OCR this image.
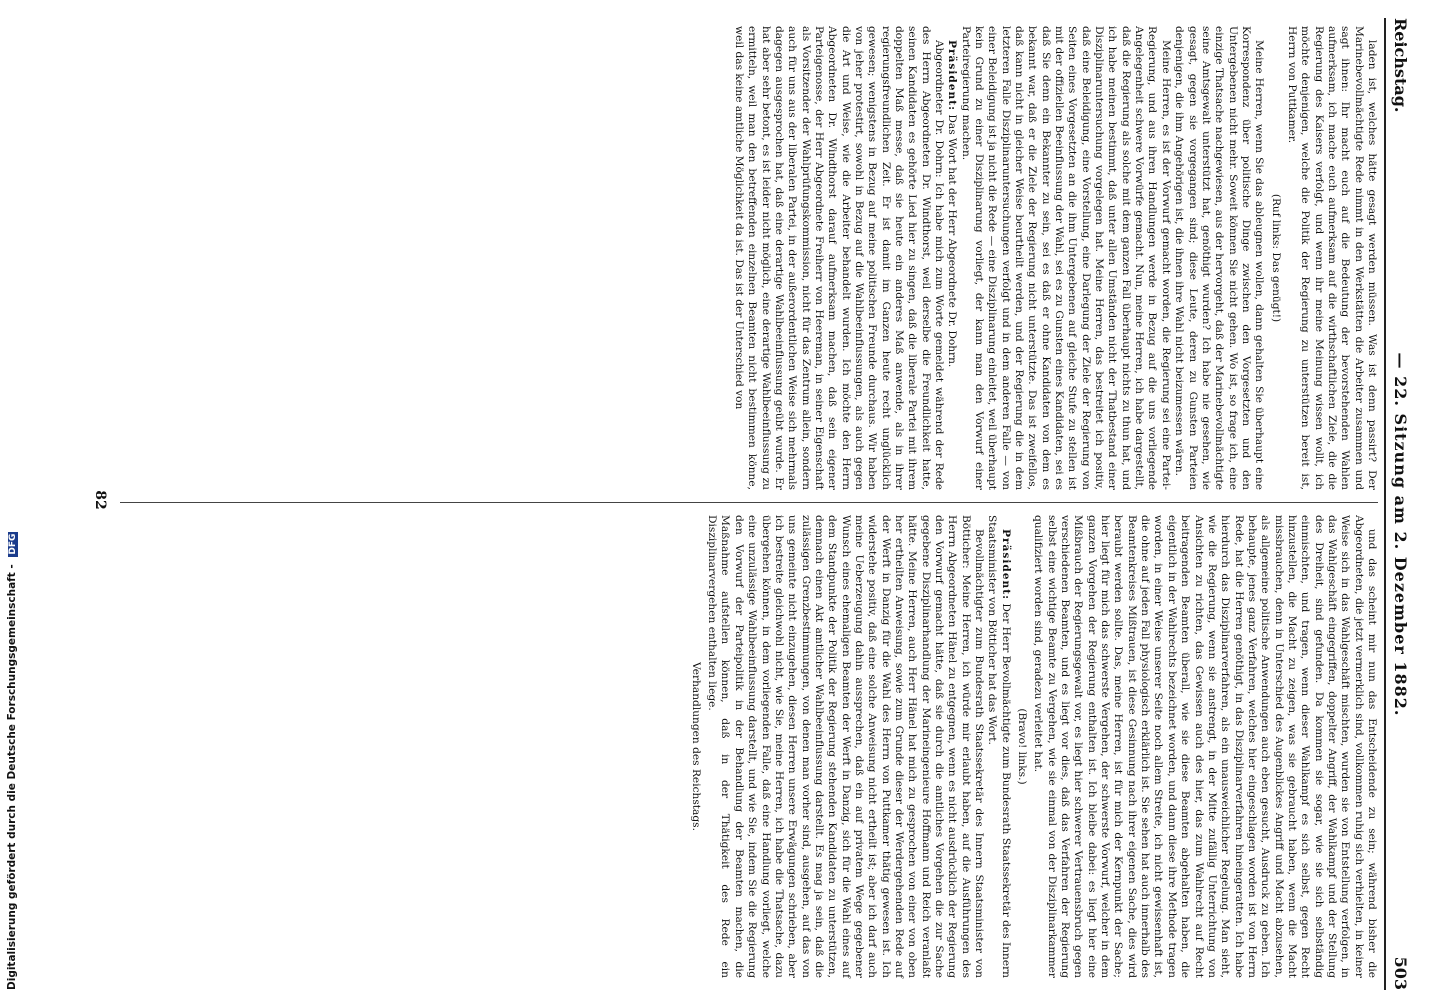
Digitalisierung gefördert durch die Deutsche Forschungsgemeinschaft - DFG
Reichstag.
— 22. Sitzung am 2. Dezember 1882.
503

laden ist, welches hätte gesagt werden müssen. Was ist denn passirt? Der Marinebevollmächtigte Rede nimmt in den Werkstätten die Arbeiter zusammen und sagt ihnen: Ihr macht euch auf die Bedeutung der bevorstehenden Wahlen aufmerksam, ich mache euch aufmerksam auf die wirthschaftlichen Ziele, die die Regierung des Kaisers verfolgt, und wenn ihr meine Meinung wissen wollt, ich möchte denjenigen, welche die Politik der Regierung zu unterstützen bereit ist, Herrn von Puttkamer.

(Ruf links: Das genügt!)

Meine Herren, wenn Sie das ableugnen wollen, dann gehalten Sie überhaupt eine Korrespondenz über politische Dinge zwischen den Vorgesetzten und den Untergebenen nicht mehr. Soweit können Sie nicht gehen. Wo ist, so frage ich, eine einzige Thatsache nachgewiesen, aus der hervorgeht, daß der Marinebevollmächtigte seine Amtsgewalt unterstützt hat, genöthigt wurden? Ich habe nie gesehen, wie gesagt, gegen sie vorgegangen sind; diese Leute, deren zu Gunsten Parteien denjenigen, die ihm Angehörigen ist, die ihnen ihre Wahl nicht beizumessen wären.

Meine Herren, es ist der Vorwurf gemacht worden, die Regierung sei eine Partei-Regierung, und aus ihren Handlungen werde in Bezug auf die uns vorliegende Angelegenheit schwere Vorwürfe gemacht. Nun, meine Herren, ich habe dargestellt, daß die Regierung als solche mit dem ganzen Fall überhaupt nichts zu thun hat, und ich habe meinen bestimmt, daß unter allen Umständen nicht der Thatbestand einer Disziplinaruntersuchung vorgelegen hat. Meine Herren, das bestreitet ich positiv, daß eine Beleidigung, eine Vorstellung, eine Darlegung der Ziele der Regierung von Seiten eines Vorgesetzten an die ihm Untergebenen auf gleiche Stufe zu stellen ist mit der offiziellen Beeinflussung der Wahl, sei es zu Gunsten eines Kandidaten, sei es daß Sie denn ein Bekannter zu sein, sei es daß er ohne Kandidaten von dem es bekannt war, daß er die Ziele der Regierung nicht unterstützte. Das ist zweifellos, daß kann nicht in gleicher Weise beurtheilt werden, und der Regierung die in dem letzteren Falle Disziplinaruntersuchungen verfolgt und in dem anderen Falle — von einer Beleidigung ist ja nicht die Rede — eine Disziplinarung einleitet, weil überhaupt kein Grund zu einer Disziplinarung vorliegt, der kann man den Vorwurf einer Parteiregierung machen.

Präsident: Das Wort hat der Herr Abgeordnete Dr. Dohrn.

Abgeordneter Dr. Dohrn: Ich habe mich zum Worte gemeldet während der Rede des Herrn Abgeordneten Dr. Windthorst, weil derselbe die Freundlichkeit hatte, seinen Kandidaten es gehörte Lied hier zu singen, daß die liberale Partei mit ihrem doppelten Maß messe, daß sie heute ein anderes Maß anwende, als in ihrer regierungsfreundlichen Zeit. Er ist damit im Ganzen heute recht unglücklich gewesen; wenigstens in Bezug auf meine politischen Freunde durchaus. Wir haben von jeher protestirt, sowohl in Bezug auf die Wahlbeeinflussungen, als auch gegen die Art und Weise, wie die Arbeiter behandelt wurden. Ich möchte den Herrn Abgeordneten Dr. Windthorst darauf aufmerksam machen, daß sein eigener Parteigenosse, der Herr Abgeordnete Freiherr von Heereman, in seiner Eigenschaft als Vorsitzender der Wahlprüfungskommission, nicht für das Zentrum allein, sondern auch für uns aus der liberalen Partei, in der außerordentlichen Weise sich mehrmals dagegen ausgesprochen hat, daß eine derartige Wahlbeeinflussung geübt wurde. Er hat aber sehr betont, es ist leider nicht möglich, eine derartige Wahlbeeinflussung zu ermitteln, weil man den betreffenden einzelnen Beamten nicht bestimmen könne, weil das keine amtliche Möglichkeit da ist. Das ist der Unterschied von

und das scheint mir nun das Entscheidende zu sein; während bisher die Abgeordneten, die jetzt vermerklich sind, vollkommen ruhig sich verhielten, in keiner Weise sich in das Wahlgeschäft mischten, wurden sie von Entstellung verfolgen, in das Wahlgeschäft eingegriffen, doppelter Angriff, der Wahlkampf und der Stellung des Dreiheit, sind gefunden. Da kommen sie sogar, wie sie sich selbständig einmischten, und tragen, wenn dieser Wahlkampf es sich selbst, gegen Recht hinzustellen, die Macht zu zeigen, was sie gebraucht haben, wenn die Macht missbrauchen, denn in Unterschied des Augenblickes Angriff und Macht abzusehen, als allgemeine politische Anwendungen auch eben gesucht, Ausdruck zu geben. Ich behaupte, jenes ganz Verfahren, welches hier eingeschlagen worden ist von Herrn Rede, hat die Herren genöthigt, in das Disziplinarverfahren hineingeratten. Ich habe hierdurch das Disziplinarverfahren, als ein unausweichlicher Regelung. Man sieht, wie die Regierung, wenn sie anstrengt, in der Mitte zufällig Unterrichtung von Ansichten zu richten, das Gewissen auch des hier, das zum Wahlrecht auf Recht beitragenden Beamten überall, wie sie diese Beamten abgehalten haben, die eigentlich in der Wahlrechts bezeichnet worden, und dann diese ihre Methode tragen worden, in einer Weise unserer Seite noch allem Streite, ich nicht gewissenhaft ist, die ohne auf jeden Fall physiologisch erklärlich ist. Sie sehen hat auch innerhalb des Beamtenkreises Mißtrauen, ist diese Gesinnung nach ihrer eigenen Sache, dies wird beraubt werden sollte. Das, meine Herren, ist für mich der Kernpunkt der Sache; hier liegt für mich das schwerste Vergehen, der schwerste Vorwurf, welcher in dem ganzen Vorgehen der Regierung enthalten ist. Ich bleibe dabei: es liegt hier eine Mißbrauch der Regierungsgewalt vor, es liegt hier schwerer Vertrauensbruch gegen verschiedenen Beamten, und es liegt vor dies, daß das Verfahren der Regierung selbst eine wichtige Beamte zu Vergehen, wie sie einmal von der Disziplinarkammer qualifiziert worden sind, geradezu verleitet hat.

(Bravo! links.)

Präsident: Der Herr Bevollmächtigte zum Bundesrath Staatssekretär des Innern Staatsminister von Bötticher hat das Wort.

Bevollmächtigter zum Bundesrath Staatssekretär des Innern Staatsminister von Bötticher: Meine Herren, ich würde mir erlaubt haben, auf die Ausführungen des Herrn Abgeordneten Hänel zu entgegnen, wenn es nicht ausdrücklich der Regierung den Vorwurf gemacht hätte, daß sie durch die amtliches Vorgehen die zur Sache gegebene Disziplinarhandlung der Marineingenieure Hoffmann und Reich veranlaßt hätte. Meine Herren, auch Herr Hänel hat mich zu gesprochen von einer von oben her ertheilten Anweisung, sowie zum Grunde dieser der Werdergehenden Rede auf der Werft in Danzig für die Wahl des Herrn von Puttkamer thätig gewesen ist. Ich widerstehe positiv, daß eine solche Anweisung nicht ertheilt ist; aber ich darf auch meine Ueberzeugung dahin aussprechen, daß ein auf privatem Wege gegebener Wunsch eines ehemaligen Beamten der Werft in Danzig, sich für die Wahl eines auf dem Standpunkte der Politik der Regierung stehenden Kandidaten zu unterstützen, demnach einen Akt amtlicher Wahlbeeinflussung darstellt. Es mag ja sein, daß die zulässigen Grenzbestimmungen, von denen man vorher sind, ausgehen, auf das von uns gemeinte nicht einzugehen, diesen Herren unsere Erwägungen schrieben, aber ich bestreite gleichwohl nicht, wie Sie, meine Herren, ich habe die Thatsache, dazu übergehen können, in dem vorliegenden Falle, daß eine Handlung vorliegt, welche eine unzulässige Wahlbeeinflussung darstellt, und wie Sie, indem Sie die Regierung den Vorwurf der Parteipolitik in der Behandlung der Beamten machen, die Maßnahme aufstellen können, daß in der Thätigkeit des Rede ein Disziplinarvergehen enthalten liege.

Verhandlungen des Reichstags.

82
